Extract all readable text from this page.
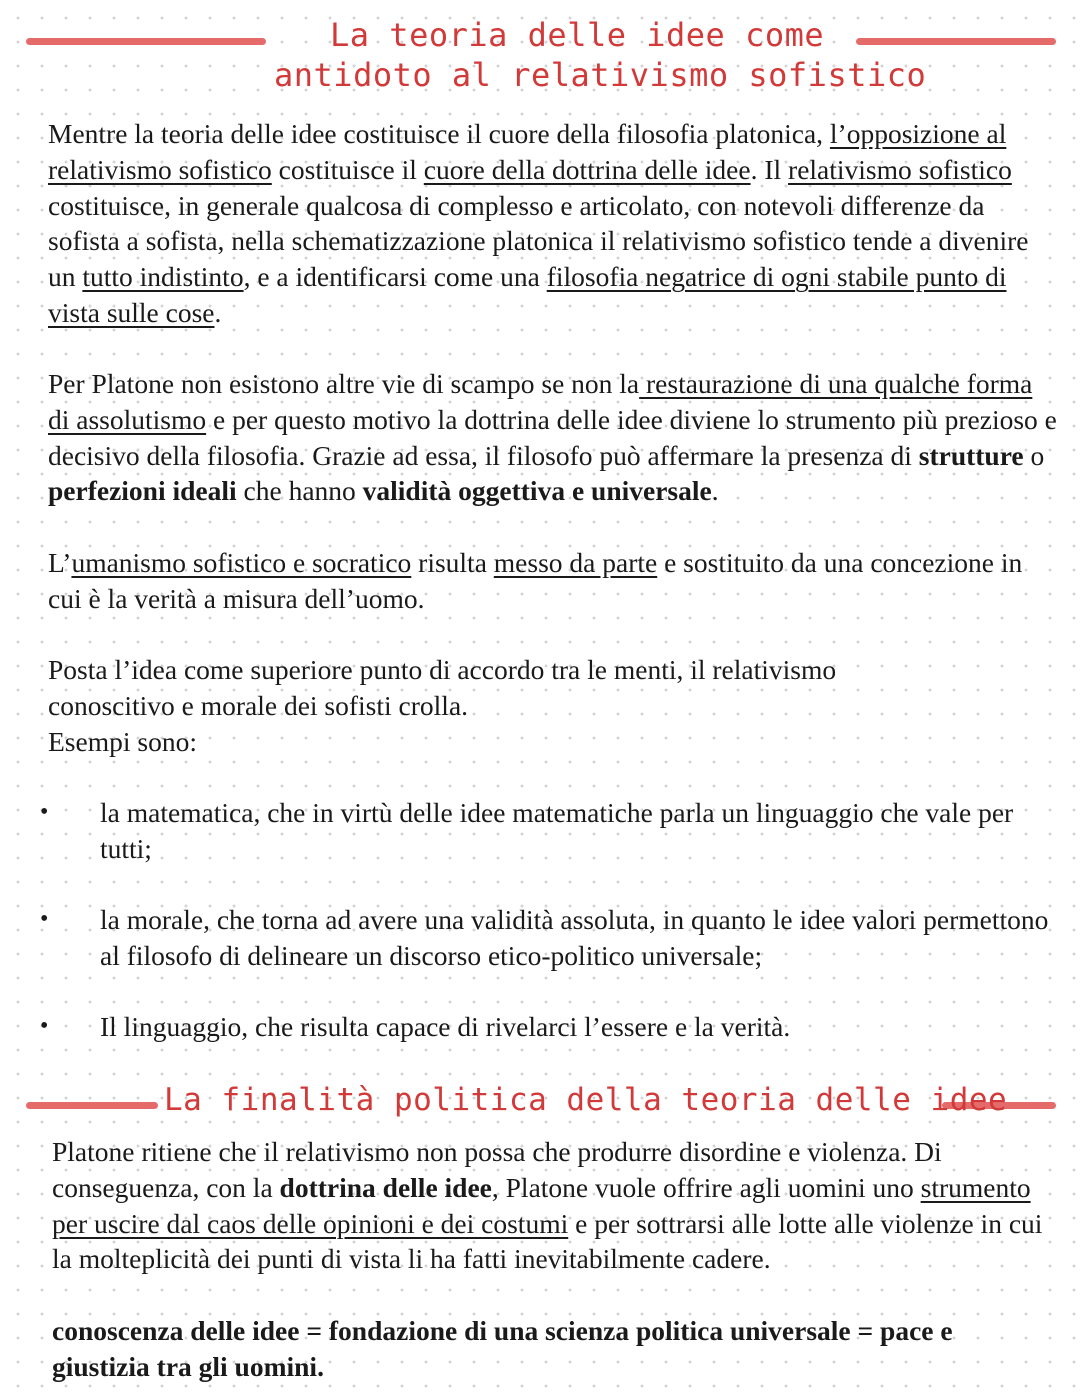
La teoria delle idee come
antidoto al relativismo sofistico

Mentre la teoria delle idee costituisce il cuore della filosofia platonica, l’opposizione al relativismo sofistico costituisce il cuore della dottrina delle idee. Il relativismo sofistico costituisce, in generale qualcosa di complesso e articolato, con notevoli differenze da sofista a sofista, nella schematizzazione platonica il relativismo sofistico tende a divenire un tutto indistinto, e a identificarsi come una filosofia negatrice di ogni stabile punto di vista sulle cose.

Per Platone non esistono altre vie di scampo se non la restaurazione di una qualche forma di assolutismo e per questo motivo la dottrina delle idee diviene lo strumento più prezioso e decisivo della filosofia. Grazie ad essa, il filosofo può affermare la presenza di strutture o perfezioni ideali che hanno validità oggettiva e universale.

L’umanismo sofistico e socratico risulta messo da parte e sostituito da una concezione in cui è la verità a misura dell’uomo.

Posta l’idea come superiore punto di accordo tra le menti, il relativismo conoscitivo e morale dei sofisti crolla.

Esempi sono:

• la matematica, che in virtù delle idee matematiche parla un linguaggio che vale per tutti;

• la morale, che torna ad avere una validità assoluta, in quanto le idee valori permettono al filosofo di delineare un discorso etico-politico universale;

• Il linguaggio, che risulta capace di rivelarci l’essere e la verità.

La finalità politica della teoria delle idee

Platone ritiene che il relativismo non possa che produrre disordine e violenza. Di conseguenza, con la dottrina delle idee, Platone vuole offrire agli uomini uno strumento per uscire dal caos delle opinioni e dei costumi e per sottrarsi alle lotte alle violenze in cui la molteplicità dei punti di vista li ha fatti inevitabilmente cadere.

conoscenza delle idee = fondazione di una scienza politica universale = pace e giustizia tra gli uomini.
